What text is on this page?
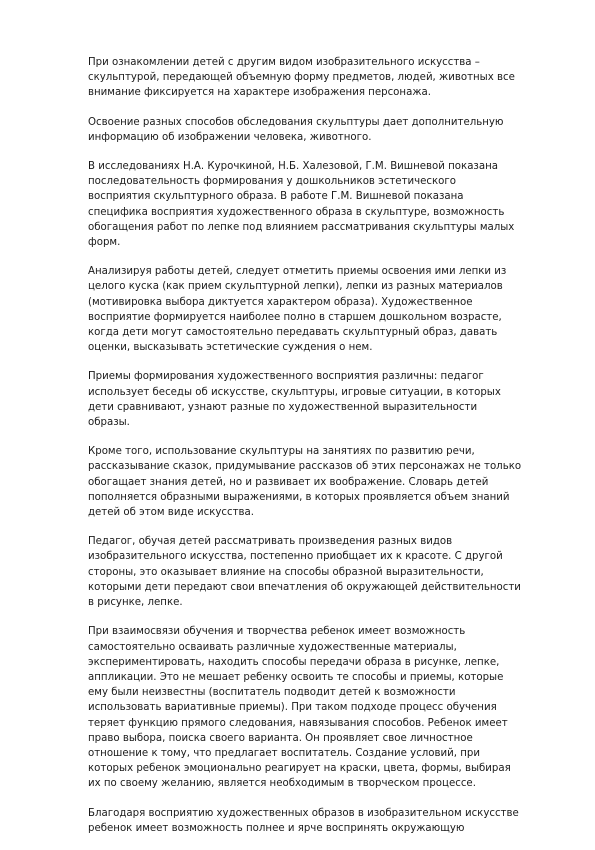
При ознакомлении детей с другим видом изобразительного искусства –
скульптурой, передающей объемную форму предметов, людей, животных все
внимание фиксируется на характере изображения персонажа.

Освоение разных способов обследования скульптуры дает дополнительную
информацию об изображении человека, животного.

В исследованиях Н.А. Курочкиной, Н.Б. Халезовой, Г.М. Вишневой показана
последовательность формирования у дошкольников эстетического
восприятия скульптурного образа. В работе Г.М. Вишневой показана
специфика восприятия художественного образа в скульптуре, возможность
обогащения работ по лепке под влиянием рассматривания скульптуры малых
форм.

Анализируя работы детей, следует отметить приемы освоения ими лепки из
целого куска (как прием скульптурной лепки), лепки из разных материалов
(мотивировка выбора диктуется характером образа). Художественное
восприятие формируется наиболее полно в старшем дошкольном возрасте,
когда дети могут самостоятельно передавать скульптурный образ, давать
оценки, высказывать эстетические суждения о нем.

Приемы формирования художественного восприятия различны: педагог
использует беседы об искусстве, скульптуры, игровые ситуации, в которых
дети сравнивают, узнают разные по художественной выразительности
образы.

Кроме того, использование скульптуры на занятиях по развитию речи,
рассказывание сказок, придумывание рассказов об этих персонажах не только
обогащает знания детей, но и развивает их воображение. Словарь детей
пополняется образными выражениями, в которых проявляется объем знаний
детей об этом виде искусства.

Педагог, обучая детей рассматривать произведения разных видов
изобразительного искусства, постепенно приобщает их к красоте. С другой
стороны, это оказывает влияние на способы образной выразительности,
которыми дети передают свои впечатления об окружающей действительности
в рисунке, лепке.

При взаимосвязи обучения и творчества ребенок имеет возможность
самостоятельно осваивать различные художественные материалы,
экспериментировать, находить способы передачи образа в рисунке, лепке,
аппликации. Это не мешает ребенку освоить те способы и приемы, которые
ему были неизвестны (воспитатель подводит детей к возможности
использовать вариативные приемы). При таком подходе процесс обучения
теряет функцию прямого следования, навязывания способов. Ребенок имеет
право выбора, поиска своего варианта. Он проявляет свое личностное
отношение к тому, что предлагает воспитатель. Создание условий, при
которых ребенок эмоционально реагирует на краски, цвета, формы, выбирая
их по своему желанию, является необходимым в творческом процессе.

Благодаря восприятию художественных образов в изобразительном искусстве
ребенок имеет возможность полнее и ярче воспринять окружающую
